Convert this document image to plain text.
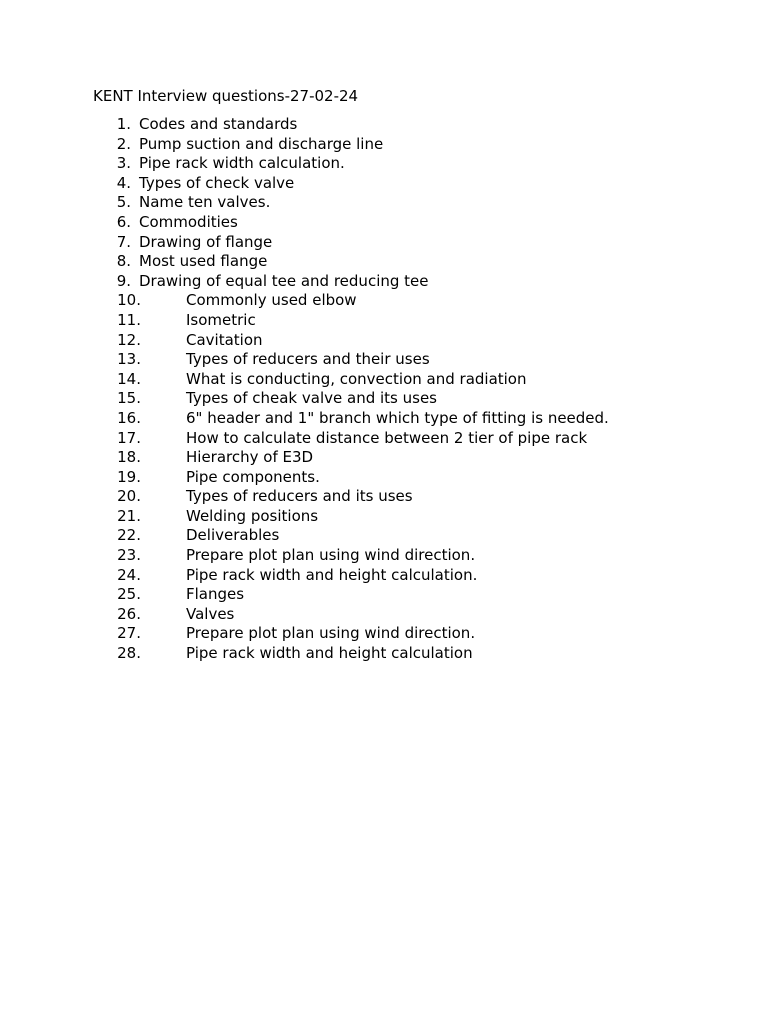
KENT Interview questions-27-02-24
1. Codes and standards
2. Pump suction and discharge line
3. Pipe rack width calculation.
4. Types of check valve
5. Name ten valves.
6. Commodities
7. Drawing of flange
8. Most used flange
9. Drawing of equal tee and reducing tee
10.	Commonly used elbow
11.	Isometric
12.	Cavitation
13.	Types of reducers and their uses
14.	What is conducting, convection and radiation
15.	Types of cheak valve and its uses
16.	6" header and 1" branch which type of fitting is needed.
17.	How to calculate distance between 2 tier of pipe rack
18.	Hierarchy of E3D
19.	Pipe components.
20.	Types of reducers and its uses
21.	Welding positions
22.	Deliverables
23.	Prepare plot plan using wind direction.
24.	Pipe rack width and height calculation.
25.	Flanges
26.	Valves
27.	Prepare plot plan using wind direction.
28.	Pipe rack width and height calculation
